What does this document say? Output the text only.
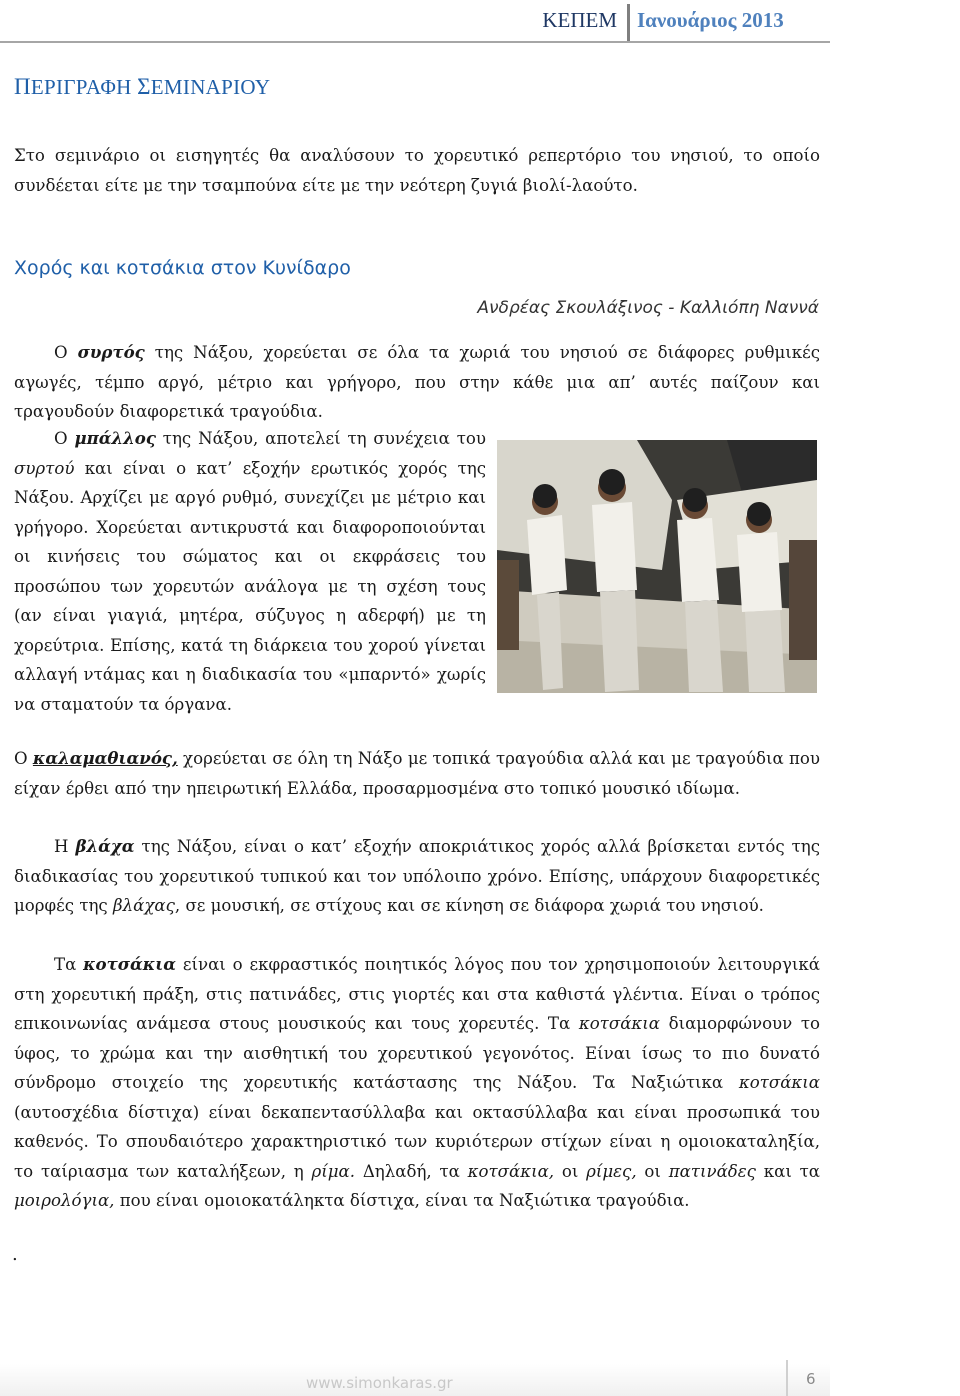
ΚΕΠΕΜ Ιανουάριος 2013
ΠΕΡΙΓΡΑΦΗ ΣΕΜΙΝΑΡΙΟΥ

Στο σεμινάριο οι εισηγητές θα αναλύσουν το χορευτικό ρεπερτόριο του νησιού, το οποίο συνδέεται είτε με την τσαμπούνα είτε με την νεότερη ζυγιά βιολί-λαούτο.

Χορός και κοτσάκια στον Κυνίδαρο
Ανδρέας Σκουλάξινος - Καλλιόπη Ναννά

Ο συρτός της Νάξου, χορεύεται σε όλα τα χωριά του νησιού σε διάφορες ρυθμικές αγωγές, τέμπο αργό, μέτριο και γρήγορο, που στην κάθε μια απ’ αυτές παίζουν και τραγουδούν διαφορετικά τραγούδια.

Ο μπάλλος της Νάξου, αποτελεί τη συνέχεια του συρτού και είναι ο κατ’ εξοχήν ερωτικός χορός της Νάξου. Αρχίζει με αργό ρυθμό, συνεχίζει με μέτριο και γρήγορο. Χορεύεται αντικρυστά και διαφοροποιούνται οι κινήσεις του σώματος και οι εκφράσεις του προσώπου των χορευτών ανάλογα με τη σχέση τους (αν είναι γιαγιά, μητέρα, σύζυγος η αδερφή) με τη χορεύτρια. Επίσης, κατά τη διάρκεια του χορού γίνεται αλλαγή ντάμας και η διαδικασία του «μπαρντό» χωρίς να σταματούν τα όργανα.

Ο καλαμαθιανός, χορεύεται σε όλη τη Νάξο με τοπικά τραγούδια αλλά και με τραγούδια που είχαν έρθει από την ηπειρωτική Ελλάδα, προσαρμοσμένα στο τοπικό μουσικό ιδίωμα.

Η βλάχα της Νάξου, είναι ο κατ’ εξοχήν αποκριάτικος χορός αλλά βρίσκεται εντός της διαδικασίας του χορευτικού τυπικού και τον υπόλοιπο χρόνο. Επίσης, υπάρχουν διαφορετικές μορφές της βλάχας, σε μουσική, σε στίχους και σε κίνηση σε διάφορα χωριά του νησιού.

Τα κοτσάκια είναι ο εκφραστικός ποιητικός λόγος που τον χρησιμοποιούν λειτουργικά στη χορευτική πράξη, στις πατινάδες, στις γιορτές και στα καθιστά γλέντια. Είναι ο τρόπος επικοινωνίας ανάμεσα στους μουσικούς και τους χορευτές. Τα κοτσάκια διαμορφώνουν το ύφος, το χρώμα και την αισθητική του χορευτικού γεγονότος. Είναι ίσως το πιο δυνατό σύνδρομο στοιχείο της χορευτικής κατάστασης της Νάξου. Τα Ναξιώτικα κοτσάκια (αυτοσχέδια δίστιχα) είναι δεκαπεντασύλλαβα και οκτασύλλαβα και είναι προσωπικά του καθενός. Το σπουδαιότερο χαρακτηριστικό των κυριότερων στίχων είναι η ομοιοκαταληξία, το ταίριασμα των καταλήξεων, η ρίμα. Δηλαδή, τα κοτσάκια, οι ρίμες, οι πατινάδες και τα μοιρολόγια, που είναι ομοιοκατάληκτα δίστιχα, είναι τα Ναξιώτικα τραγούδια.

.
www.simonkaras.gr	6
